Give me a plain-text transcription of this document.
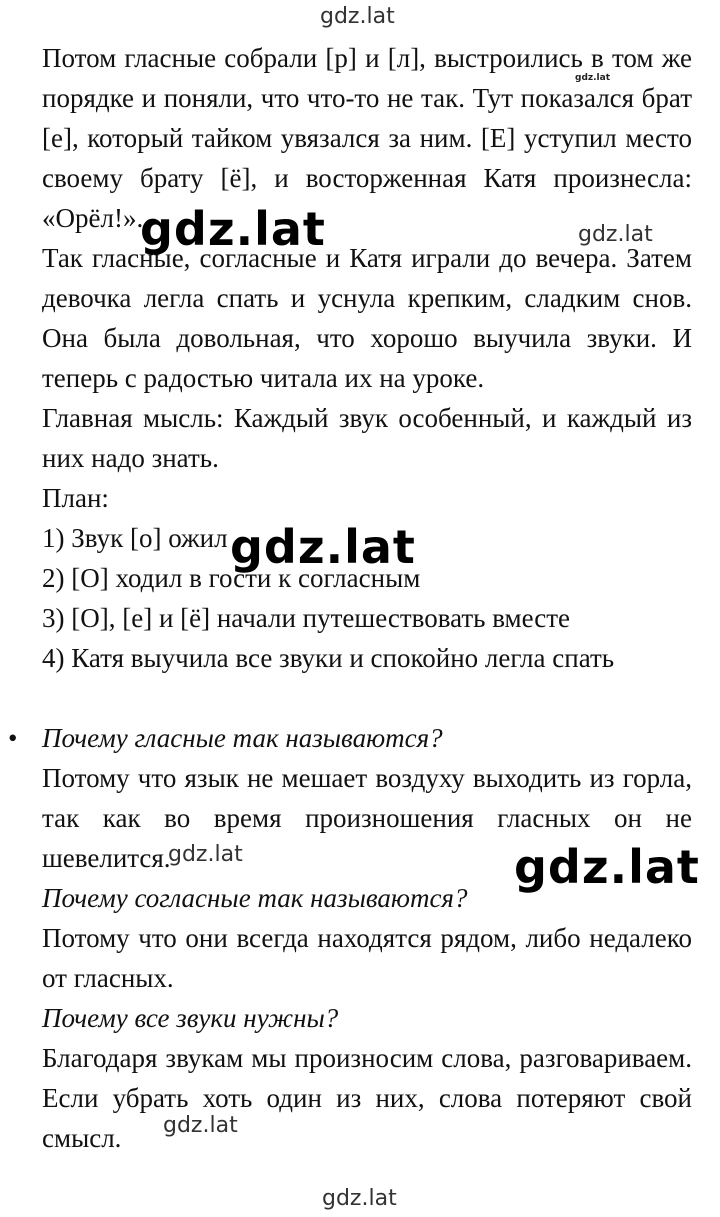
Потом гласные собрали [р] и [л], выстроились в том же порядке и поняли, что что-то не так. Тут показался брат [е], который тайком увязался за ним. [Е] уступил место своему брату [ё], и восторженная Катя произнесла: «Орёл!».

Так гласные, согласные и Катя играли до вечера. Затем девочка легла спать и уснула крепким, сладким снов. Она была довольная, что хорошо выучила звуки. И теперь с радостью читала их на уроке.

Главная мысль: Каждый звук особенный, и каждый из них надо знать.

План:

1) Звук [о] ожил

2) [О] ходил в гости к согласным

3) [О], [е] и [ё] начали путешествовать вместе

4) Катя выучила все звуки и спокойно легла спать

• Почему гласные так называются?

Потому что язык не мешает воздуху выходить из горла, так как во время произношения гласных он не шевелится.

Почему согласные так называются?

Потому что они всегда находятся рядом, либо недалеко от гласных.

Почему все звуки нужны?

Благодаря звукам мы произносим слова, разговариваем. Если убрать хоть один из них, слова потеряют свой смысл.

gdz.lat
gdz.lat
gdz.lat	gdz.lat
gdz.lat
gdz.lat	gdz.lat
gdz.lat
gdz.lat
